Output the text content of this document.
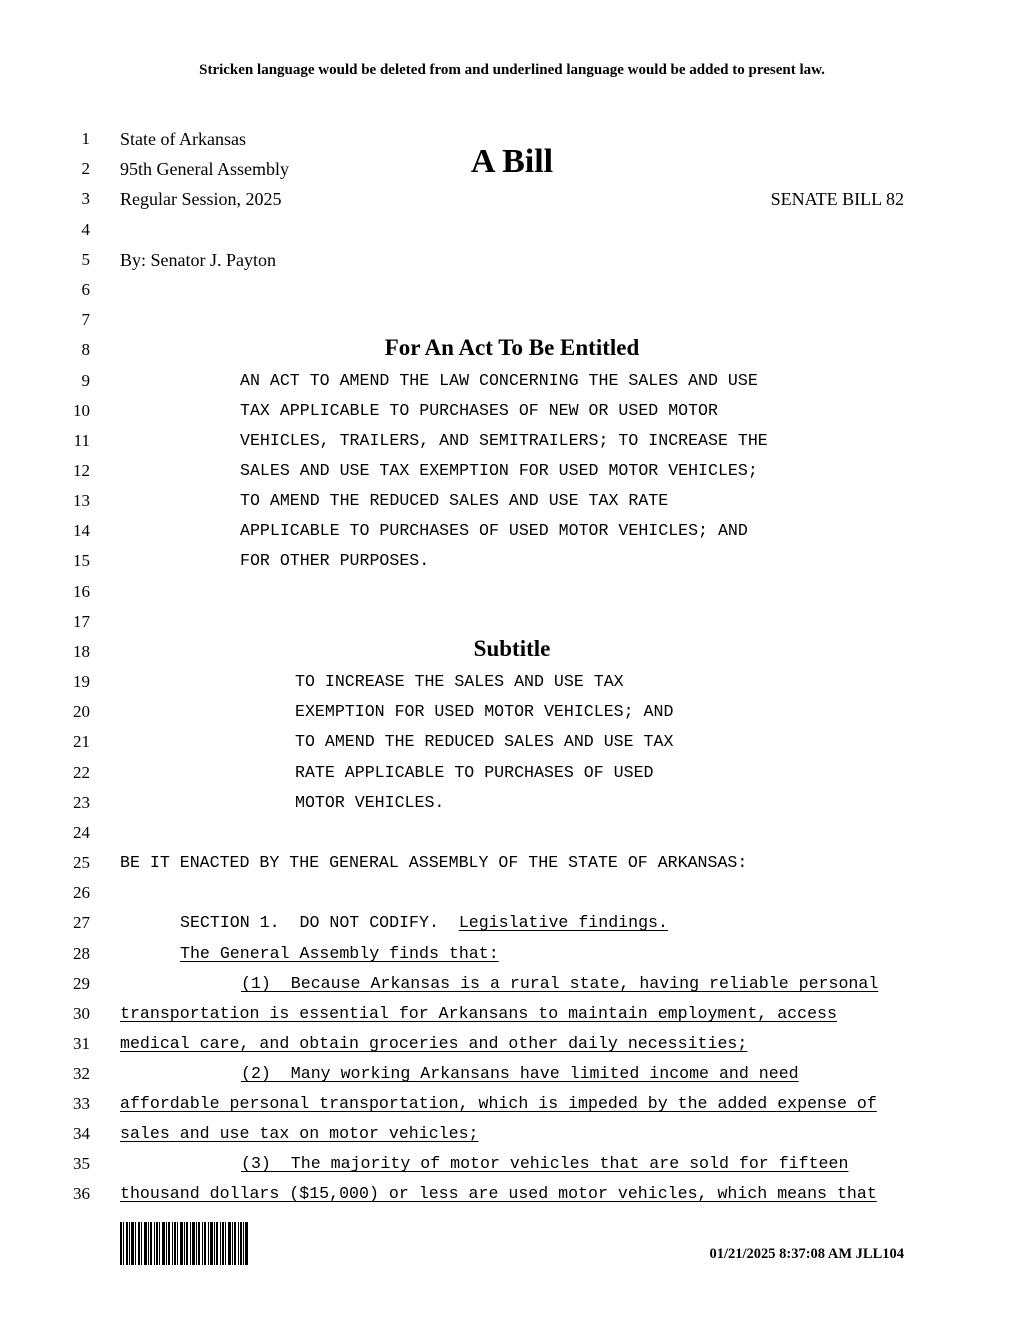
Stricken language would be deleted from and underlined language would be added to present law.
A Bill
1 State of Arkansas
2 95th General Assembly
3 Regular Session, 2025	SENATE BILL 82
4
5 By: Senator J. Payton
6
7
8	For An Act To Be Entitled
9	AN ACT TO AMEND THE LAW CONCERNING THE SALES AND USE
10	TAX APPLICABLE TO PURCHASES OF NEW OR USED MOTOR
11	VEHICLES, TRAILERS, AND SEMITRAILERS; TO INCREASE THE
12	SALES AND USE TAX EXEMPTION FOR USED MOTOR VEHICLES;
13	TO AMEND THE REDUCED SALES AND USE TAX RATE
14	APPLICABLE TO PURCHASES OF USED MOTOR VEHICLES; AND
15	FOR OTHER PURPOSES.
16
17
18	Subtitle
19	TO INCREASE THE SALES AND USE TAX
20	EXEMPTION FOR USED MOTOR VEHICLES; AND
21	TO AMEND THE REDUCED SALES AND USE TAX
22	RATE APPLICABLE TO PURCHASES OF USED
23	MOTOR VEHICLES.
24
25 BE IT ENACTED BY THE GENERAL ASSEMBLY OF THE STATE OF ARKANSAS:
26
27	SECTION 1.  DO NOT CODIFY.  Legislative findings.
28	The General Assembly finds that:
29	(1)  Because Arkansas is a rural state, having reliable personal
30 transportation is essential for Arkansans to maintain employment, access
31 medical care, and obtain groceries and other daily necessities;
32	(2)  Many working Arkansans have limited income and need
33 affordable personal transportation, which is impeded by the added expense of
34 sales and use tax on motor vehicles;
35	(3)  The majority of motor vehicles that are sold for fifteen
36 thousand dollars ($15,000) or less are used motor vehicles, which means that
01/21/2025 8:37:08 AM JLL104
